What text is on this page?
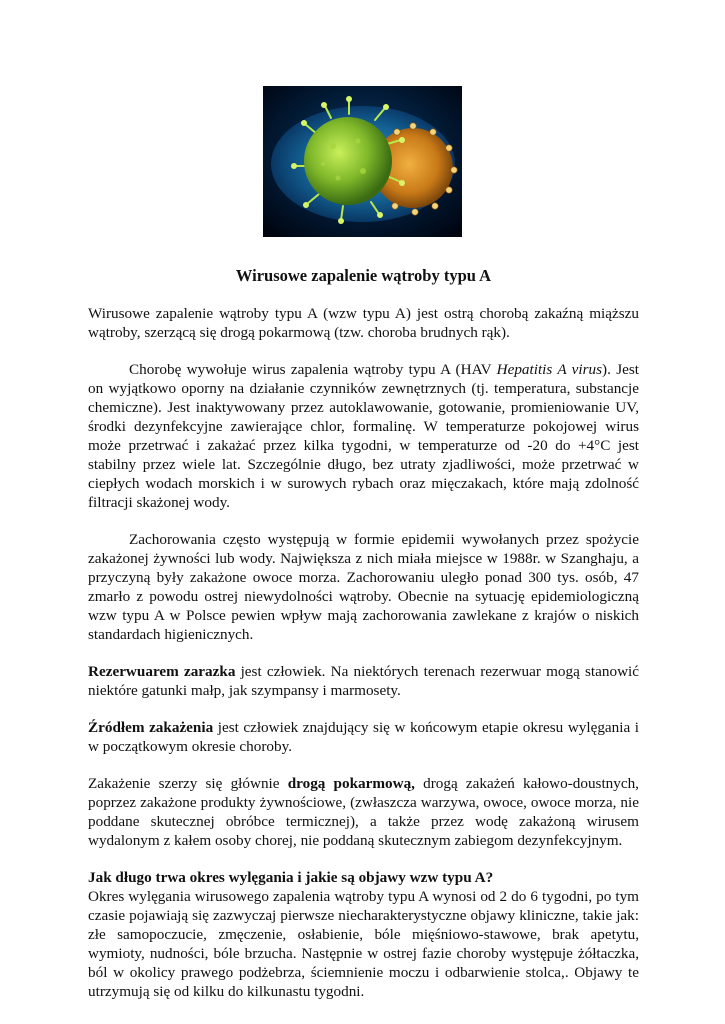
Wirusowe zapalenie wątroby typu A

Wirusowe zapalenie wątroby typu A (wzw typu A) jest ostrą chorobą zakaźną miąższu wątroby, szerzącą się drogą pokarmową (tzw. choroba brudnych rąk).

Chorobę wywołuje wirus zapalenia wątroby typu A (HAV Hepatitis A virus). Jest on wyjątkowo oporny na działanie czynników zewnętrznych (tj. temperatura, substancje chemiczne). Jest inaktywowany przez autoklawowanie, gotowanie, promieniowanie UV, środki dezynfekcyjne zawierające chlor, formalinę. W temperaturze pokojowej wirus może przetrwać i zakażać przez kilka tygodni, w temperaturze od -20 do +4°C jest stabilny przez wiele lat. Szczególnie długo, bez utraty zjadliwości, może przetrwać w ciepłych wodach morskich i w surowych rybach oraz mięczakach, które mają zdolność filtracji skażonej wody.

Zachorowania często występują w formie epidemii wywołanych przez spożycie zakażonej żywności lub wody. Największa z nich miała miejsce w 1988r. w Szanghaju, a przyczyną były zakażone owoce morza. Zachorowaniu uległo ponad 300 tys. osób, 47 zmarło z powodu ostrej niewydolności wątroby. Obecnie na sytuację epidemiologiczną wzw typu A w Polsce pewien wpływ mają zachorowania zawlekane z krajów o niskich standardach higienicznych.

Rezerwuarem zarazka jest człowiek. Na niektórych terenach rezerwuar mogą stanowić niektóre gatunki małp, jak szympansy i marmosety.

Źródłem zakażenia jest człowiek znajdujący się w końcowym etapie okresu wylęgania i w początkowym okresie choroby.

Zakażenie szerzy się głównie drogą pokarmową, drogą zakażeń kałowo-doustnych, poprzez zakażone produkty żywnościowe, (zwłaszcza warzywa, owoce, owoce morza, nie poddane skutecznej obróbce termicznej), a także przez wodę zakażoną wirusem wydalonym z kałem osoby chorej, nie poddaną skutecznym zabiegom dezynfekcyjnym.

Jak długo trwa okres wylęgania i jakie są objawy wzw typu A?

Okres wylęgania wirusowego zapalenia wątroby typu A wynosi od 2 do 6 tygodni, po tym czasie pojawiają się zazwyczaj pierwsze niecharakterystyczne objawy kliniczne, takie jak: złe samopoczucie, zmęczenie, osłabienie, bóle mięśniowo-stawowe, brak apetytu, wymioty, nudności, bóle brzucha. Następnie w ostrej fazie choroby występuje żółtaczka, ból w okolicy prawego podżebrza, ściemnienie moczu i odbarwienie stolca,. Objawy te utrzymują się od kilku do kilkunastu tygodni.
